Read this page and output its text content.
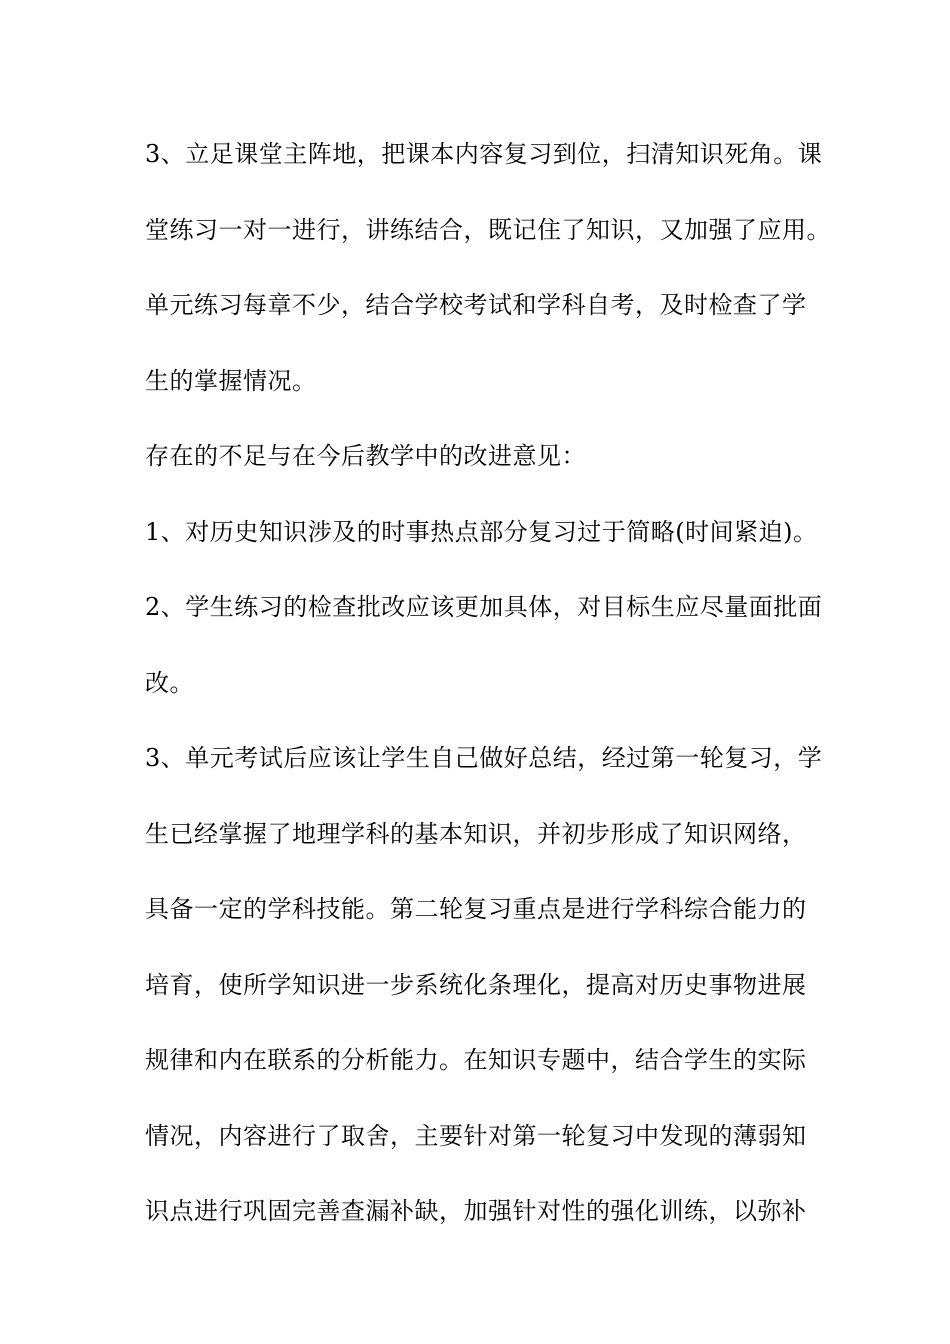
3、立足课堂主阵地，把课本内容复习到位，扫清知识死角。课
堂练习一对一进行，讲练结合，既记住了知识，又加强了应用。
单元练习每章不少，结合学校考试和学科自考，及时检查了学
生的掌握情况。
存在的不足与在今后教学中的改进意见：
1、对历史知识涉及的时事热点部分复习过于简略(时间紧迫)。
2、学生练习的检查批改应该更加具体，对目标生应尽量面批面
改。
3、单元考试后应该让学生自己做好总结，经过第一轮复习，学
生已经掌握了地理学科的基本知识，并初步形成了知识网络，
具备一定的学科技能。第二轮复习重点是进行学科综合能力的
培育，使所学知识进一步系统化条理化，提高对历史事物进展
规律和内在联系的分析能力。在知识专题中，结合学生的实际
情况，内容进行了取舍，主要针对第一轮复习中发现的薄弱知
识点进行巩固完善查漏补缺，加强针对性的强化训练，以弥补
